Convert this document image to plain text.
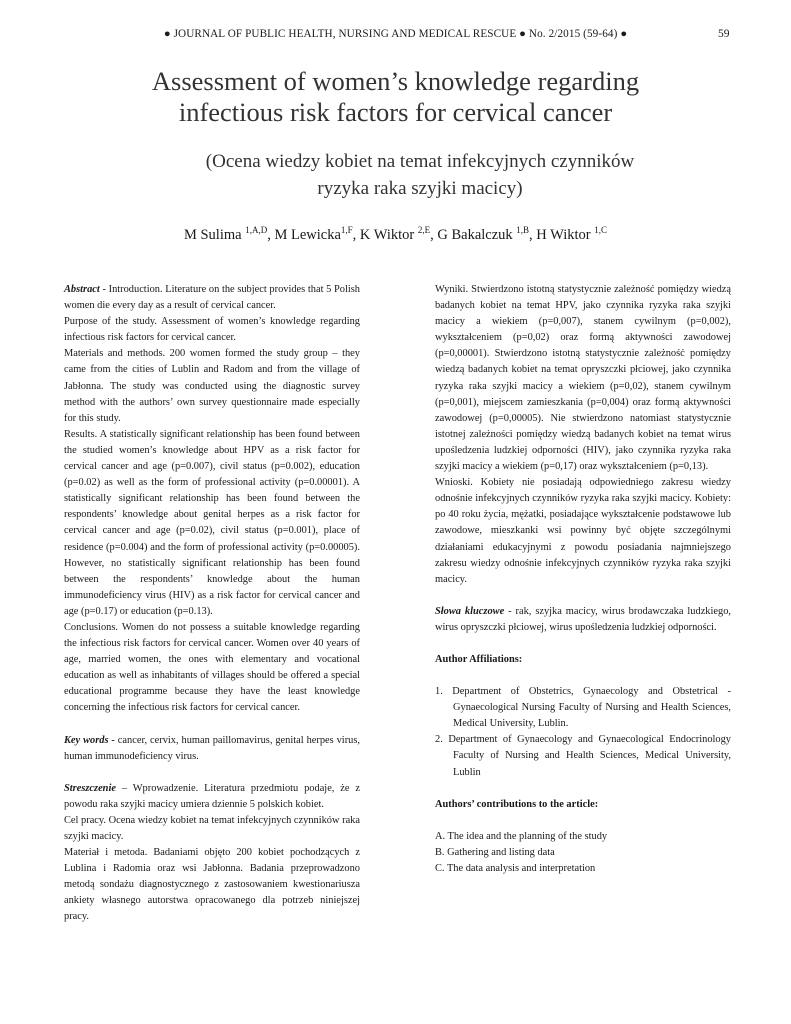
● JOURNAL OF PUBLIC HEALTH, NURSING AND MEDICAL RESCUE ● No. 2/2015 (59-64) ●	59
Assessment of women’s knowledge regarding
infectious risk factors for cervical cancer
(Ocena wiedzy kobiet na temat infekcyjnych czynników
ryzyka raka szyjki macicy)
M Sulima $^{1,A,D}$, M Lewicka$^{1,F}$, K Wiktor $^{2,E}$, G Bakalczuk $^{1,B}$, H Wiktor $^{1,C}$

Abstract - Introduction. Literature on the subject provides that 5 Polish women die every day as a result of cervical cancer.

Purpose of the study. Assessment of women’s knowledge regarding infectious risk factors for cervical cancer.

Materials and methods. 200 women formed the study group – they came from the cities of Lublin and Radom and from the village of Jabłonna. The study was conducted using the diagnostic survey method with the authors’ own survey questionnaire made especially for this study.

Results. A statistically significant relationship has been found between the studied women’s knowledge about HPV as a risk factor for cervical cancer and age (p=0.007), civil status (p=0.002), education (p=0.02) as well as the form of professional activity (p=0.00001). A statistically significant relationship has been found between the respondents’ knowledge about genital herpes as a risk factor for cervical cancer and age (p=0.02), civil status (p=0.001), place of residence (p=0.004) and the form of professional activity (p=0.00005). However, no statistically significant relationship has been found between the respondents’ knowledge about the human immunodeficiency virus (HIV) as a risk factor for cervical cancer and age (p=0.17) or education (p=0.13).

Conclusions. Women do not possess a suitable knowledge regarding the infectious risk factors for cervical cancer. Women over 40 years of age, married women, the ones with elementary and vocational education as well as inhabitants of villages should be offered a special educational programme because they have the least knowledge concerning the infectious risk factors for cervical cancer.

Key words - cancer, cervix, human paillomavirus, genital herpes virus, human immunodeficiency virus.

Streszczenie – Wprowadzenie. Literatura przedmiotu podaje, że z powodu raka szyjki macicy umiera dziennie 5 polskich kobiet.

Cel pracy. Ocena wiedzy kobiet na temat infekcyjnych czynników raka szyjki macicy.

Materiał i metoda. Badaniami objęto 200 kobiet pochodzących z Lublina i Radomia oraz wsi Jabłonna. Badania przeprowadzono metodą sondażu diagnostycznego z zastosowaniem kwestionariusza ankiety własnego autorstwa opracowanego dla potrzeb niniejszej pracy.

Wyniki. Stwierdzono istotną statystycznie zależność pomiędzy wiedzą badanych kobiet na temat HPV, jako czynnika ryzyka raka szyjki macicy a wiekiem (p=0,007), stanem cywilnym (p=0,002), wykształceniem (p=0,02) oraz formą aktywności zawodowej (p=0,00001). Stwierdzono istotną statystycznie zależność pomiędzy wiedzą badanych kobiet na temat opryszczki płciowej, jako czynnika ryzyka raka szyjki macicy a wiekiem (p=0,02), stanem cywilnym (p=0,001), miejscem zamieszkania (p=0,004) oraz formą aktywności zawodowej (p=0,00005). Nie stwierdzono natomiast statystycznie istotnej zależności pomiędzy wiedzą badanych kobiet na temat wirus upośledzenia ludzkiej odporności (HIV), jako czynnika ryzyka raka szyjki macicy a wiekiem (p=0,17) oraz wykształceniem (p=0,13).

Wnioski. Kobiety nie posiadają odpowiedniego zakresu wiedzy odnośnie infekcyjnych czynników ryzyka raka szyjki macicy. Kobiety: po 40 roku życia, mężatki, posiadające wykształcenie podstawowe lub zawodowe, mieszkanki wsi powinny być objęte szczególnymi działaniami edukacyjnymi z powodu posiadania najmniejszego zakresu wiedzy odnośnie infekcyjnych czynników ryzyka raka szyjki macicy.

Słowa kluczowe - rak, szyjka macicy, wirus brodawczaka ludzkiego, wirus opryszczki płciowej, wirus upośledzenia ludzkiej odporności.

Author Affiliations:

1. Department of Obstetrics, Gynaecology and Obstetrical - Gynaecological Nursing Faculty of Nursing and Health Sciences, Medical University, Lublin.
2. Department of Gynaecology and Gynaecological Endocrinology Faculty of Nursing and Health Sciences, Medical University, Lublin

Authors’ contributions to the article:

A. The idea and the planning of the study
B. Gathering and listing data
C. The data analysis and interpretation
